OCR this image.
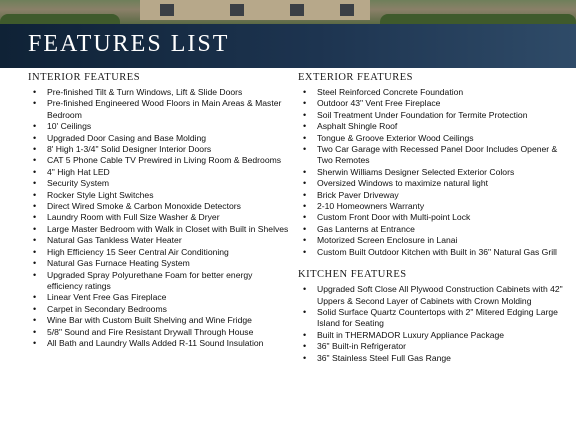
FEATURES LIST
INTERIOR FEATURES
• Pre-finished Tilt & Turn Windows, Lift & Slide Doors
• Pre-finished Engineered Wood Floors in Main Areas & Master Bedroom
• 10' Ceilings
• Upgraded Door Casing and Base Molding
• 8' High 1-3/4" Solid Designer Interior Doors
• CAT 5 Phone Cable TV Prewired in Living Room & Bedrooms
• 4" High Hat LED
• Security System
• Rocker Style Light Switches
• Direct Wired Smoke & Carbon Monoxide Detectors
• Laundry Room with Full Size Washer & Dryer
• Large Master Bedroom with Walk in Closet with Built in Shelves
• Natural Gas Tankless Water Heater
• High Efficiency 15 Seer Central Air Conditioning
• Natural Gas Furnace Heating System
• Upgraded Spray Polyurethane Foam for better energy efficiency ratings
• Linear Vent Free Gas Fireplace
• Carpet in Secondary Bedrooms
• Wine Bar with Custom Built Shelving and Wine Fridge
• 5/8" Sound and Fire Resistant Drywall Through House
• All Bath and Laundry Walls Added R-11 Sound Insulation
EXTERIOR FEATURES
• Steel Reinforced Concrete Foundation
• Outdoor 43" Vent Free Fireplace
• Soil Treatment Under Foundation for Termite Protection
• Asphalt Shingle Roof
• Tongue & Groove Exterior Wood Ceilings
• Two Car Garage with Recessed Panel Door Includes Opener & Two Remotes
• Sherwin Williams Designer Selected Exterior Colors
• Oversized Windows to maximize natural light
• Brick Paver Driveway
• 2-10 Homeowners Warranty
• Custom Front Door with Multi-point Lock
• Gas Lanterns at Entrance
• Motorized Screen Enclosure in Lanai
• Custom Built Outdoor Kitchen with Built in 36" Natural Gas Grill
KITCHEN FEATURES
• Upgraded Soft Close All Plywood Construction Cabinets with 42" Uppers & Second Layer of Cabinets with Crown Molding
• Solid Surface Quartz Countertops with 2" Mitered Edging Large Island for Seating
• Built in THERMADOR Luxury Appliance Package
• 36" Built-in Refrigerator
• 36" Stainless Steel Full Gas Range
